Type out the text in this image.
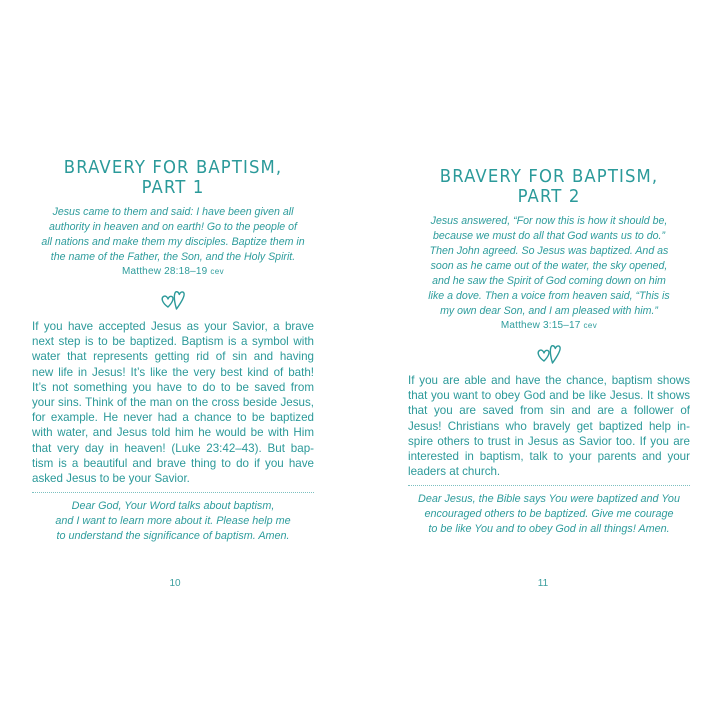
BRAVERY FOR BAPTISM,
PART 1
Jesus came to them and said: I have been given all
authority in heaven and on earth! Go to the people of
all nations and make them my disciples. Baptize them in
the name of the Father, the Son, and the Holy Spirit.
Matthew 28:18–19 cev
If you have accepted Jesus as your Savior, a brave
next step is to be baptized. Baptism is a symbol with
water that represents getting rid of sin and having
new life in Jesus! It’s like the very best kind of bath!
It’s not something you have to do to be saved from
your sins. Think of the man on the cross beside Jesus,
for example. He never had a chance to be baptized
with water, and Jesus told him he would be with Him
that very day in heaven! (Luke 23:42–43). But bap-
tism is a beautiful and brave thing to do if you have
asked Jesus to be your Savior.
Dear God, Your Word talks about baptism,
and I want to learn more about it. Please help me
to understand the significance of baptism. Amen.
10
BRAVERY FOR BAPTISM,
PART 2
Jesus answered, “For now this is how it should be,
because we must do all that God wants us to do.”
Then John agreed. So Jesus was baptized. And as
soon as he came out of the water, the sky opened,
and he saw the Spirit of God coming down on him
like a dove. Then a voice from heaven said, “This is
my own dear Son, and I am pleased with him.”
Matthew 3:15–17 cev
If you are able and have the chance, baptism shows
that you want to obey God and be like Jesus. It shows
that you are saved from sin and are a follower of
Jesus! Christians who bravely get baptized help in-
spire others to trust in Jesus as Savior too. If you are
interested in baptism, talk to your parents and your
leaders at church.
Dear Jesus, the Bible says You were baptized and You
encouraged others to be baptized. Give me courage
to be like You and to obey God in all things! Amen.
11
